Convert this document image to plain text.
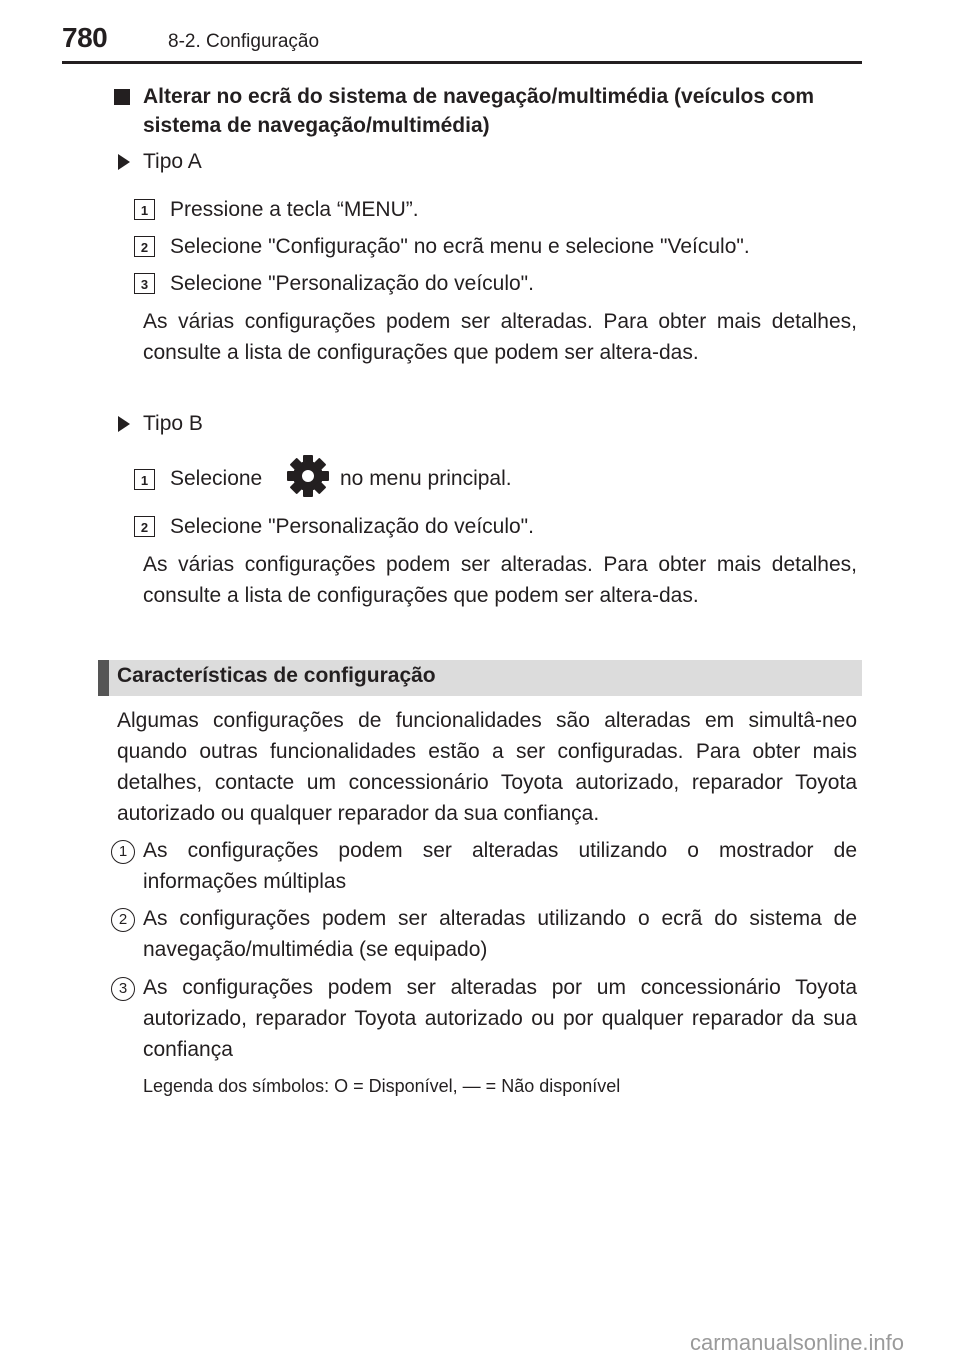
780	8-2. Configuração
Alterar no ecrã do sistema de navegação/multimédia (veículos com sistema de navegação/multimédia)
Tipo A
1	Pressione a tecla “MENU”.
2	Selecione "Configuração" no ecrã menu e selecione "Veículo".
3	Selecione "Personalização do veículo".
As várias configurações podem ser alteradas. Para obter mais detalhes, consulte a lista de configurações que podem ser altera-das.
Tipo B
1	Selecione	no menu principal.
2	Selecione "Personalização do veículo".
As várias configurações podem ser alteradas. Para obter mais detalhes, consulte a lista de configurações que podem ser altera-das.
Características de configuração
Algumas configurações de funcionalidades são alteradas em simultâ-neo quando outras funcionalidades estão a ser configuradas. Para obter mais detalhes, contacte um concessionário Toyota autorizado, reparador Toyota autorizado ou qualquer reparador da sua confiança.
1 As configurações podem ser alteradas utilizando o mostrador de informações múltiplas
2 As configurações podem ser alteradas utilizando o ecrã do sistema de navegação/multimédia (se equipado)
3 As configurações podem ser alteradas por um concessionário Toyota autorizado, reparador Toyota autorizado ou por qualquer reparador da sua confiança
Legenda dos símbolos: O = Disponível, — = Não disponível
carmanualsonline.info
